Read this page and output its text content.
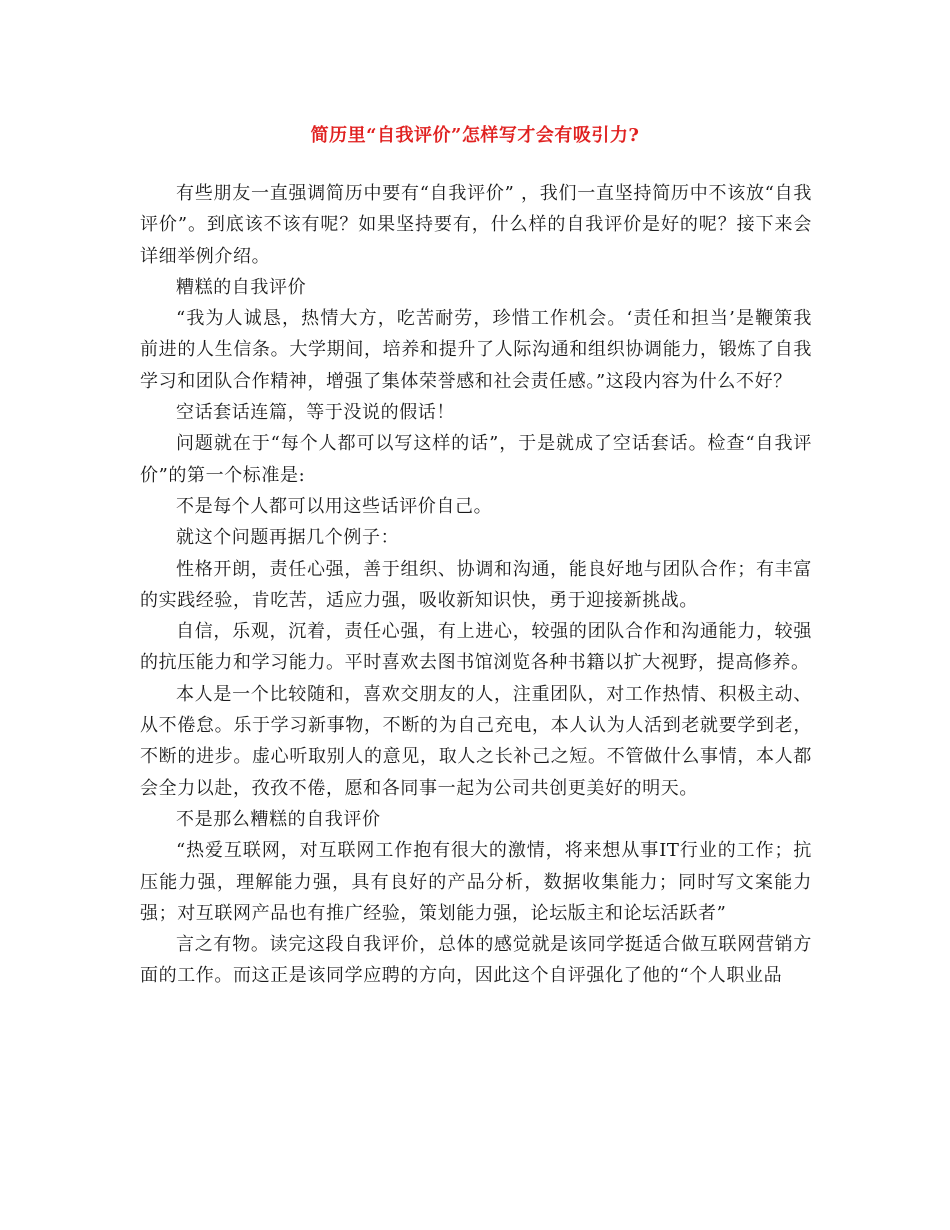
简历里“自我评价”怎样写才会有吸引力?

有些朋友一直强调简历中要有“自我评价” ，我们一直坚持简历中不该放“自我评价”。到底该不该有呢？如果坚持要有，什么样的自我评价是好的呢？接下来会详细举例介绍。

糟糕的自我评价

“我为人诚恳，热情大方，吃苦耐劳，珍惜工作机会。‘责任和担当’是鞭策我前进的人生信条。大学期间，培养和提升了人际沟通和组织协调能力，锻炼了自我学习和团队合作精神，增强了集体荣誉感和社会责任感。”这段内容为什么不好？

空话套话连篇，等于没说的假话！

问题就在于“每个人都可以写这样的话”，于是就成了空话套话。检查“自我评价”的第一个标准是:

不是每个人都可以用这些话评价自己。

就这个问题再据几个例子：

性格开朗，责任心强，善于组织、协调和沟通，能良好地与团队合作；有丰富的实践经验，肯吃苦，适应力强，吸收新知识快，勇于迎接新挑战。

自信，乐观，沉着，责任心强，有上进心，较强的团队合作和沟通能力，较强的抗压能力和学习能力。平时喜欢去图书馆浏览各种书籍以扩大视野，提高修养。

本人是一个比较随和，喜欢交朋友的人，注重团队，对工作热情、积极主动、从不倦怠。乐于学习新事物，不断的为自己充电，本人认为人活到老就要学到老，不断的进步。虚心听取别人的意见，取人之长补己之短。不管做什么事情，本人都会全力以赴，孜孜不倦，愿和各同事一起为公司共创更美好的明天。

不是那么糟糕的自我评价

“热爱互联网，对互联网工作抱有很大的激情，将来想从事IT行业的工作；抗压能力强，理解能力强，具有良好的产品分析，数据收集能力；同时写文案能力强；对互联网产品也有推广经验，策划能力强，论坛版主和论坛活跃者”

言之有物。读完这段自我评价，总体的感觉就是该同学挺适合做互联网营销方面的工作。而这正是该同学应聘的方向，因此这个自评强化了他的“个人职业品
